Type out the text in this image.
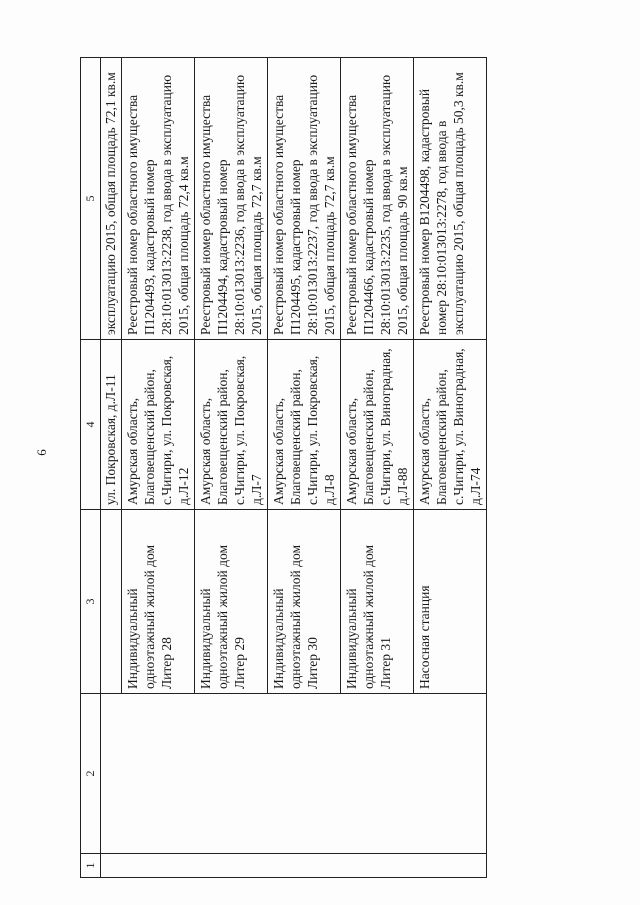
6
1	2	3	4	5
			ул. Покровская, д.Л-11	эксплуатацию 2015, общая площадь 72,1 кв.м
		Индивидуальный одноэтажный жилой дом Литер 28	Амурская область, Благовещенский район, с.Чигири, ул. Покровская, д.Л-12	Реестровый номер областного имущества П1204493, кадастровый номер 28:10:013013:2238, год ввода в эксплуатацию 2015, общая площадь 72,4 кв.м
		Индивидуальный одноэтажный жилой дом Литер 29	Амурская область, Благовещенский район, с.Чигири, ул. Покровская, д.Л-7	Реестровый номер областного имущества П1204494, кадастровый номер 28:10:013013:2236, год ввода в эксплуатацию 2015, общая площадь 72,7 кв.м
		Индивидуальный одноэтажный жилой дом Литер 30	Амурская область, Благовещенский район, с.Чигири, ул. Покровская, д.Л-8	Реестровый номер областного имущества П1204495, кадастровый номер 28:10:013013:2237, год ввода в эксплуатацию 2015, общая площадь 72,7 кв.м
		Индивидуальный одноэтажный жилой дом Литер 31	Амурская область, Благовещенский район, с.Чигири, ул. Виноградная, д.Л-88	Реестровый номер областного имущества П1204466, кадастровый номер 28:10:013013:2235, год ввода в эксплуатацию 2015, общая площадь 90 кв.м
		Насосная станция	Амурская область, Благовещенский район, с.Чигири, ул. Виноградная, д.Л-74	Реестровый номер В1204498, кадастровый номер 28:10:013013:2278, год ввода в эксплуатацию 2015, общая площадь 50,3 кв.м
